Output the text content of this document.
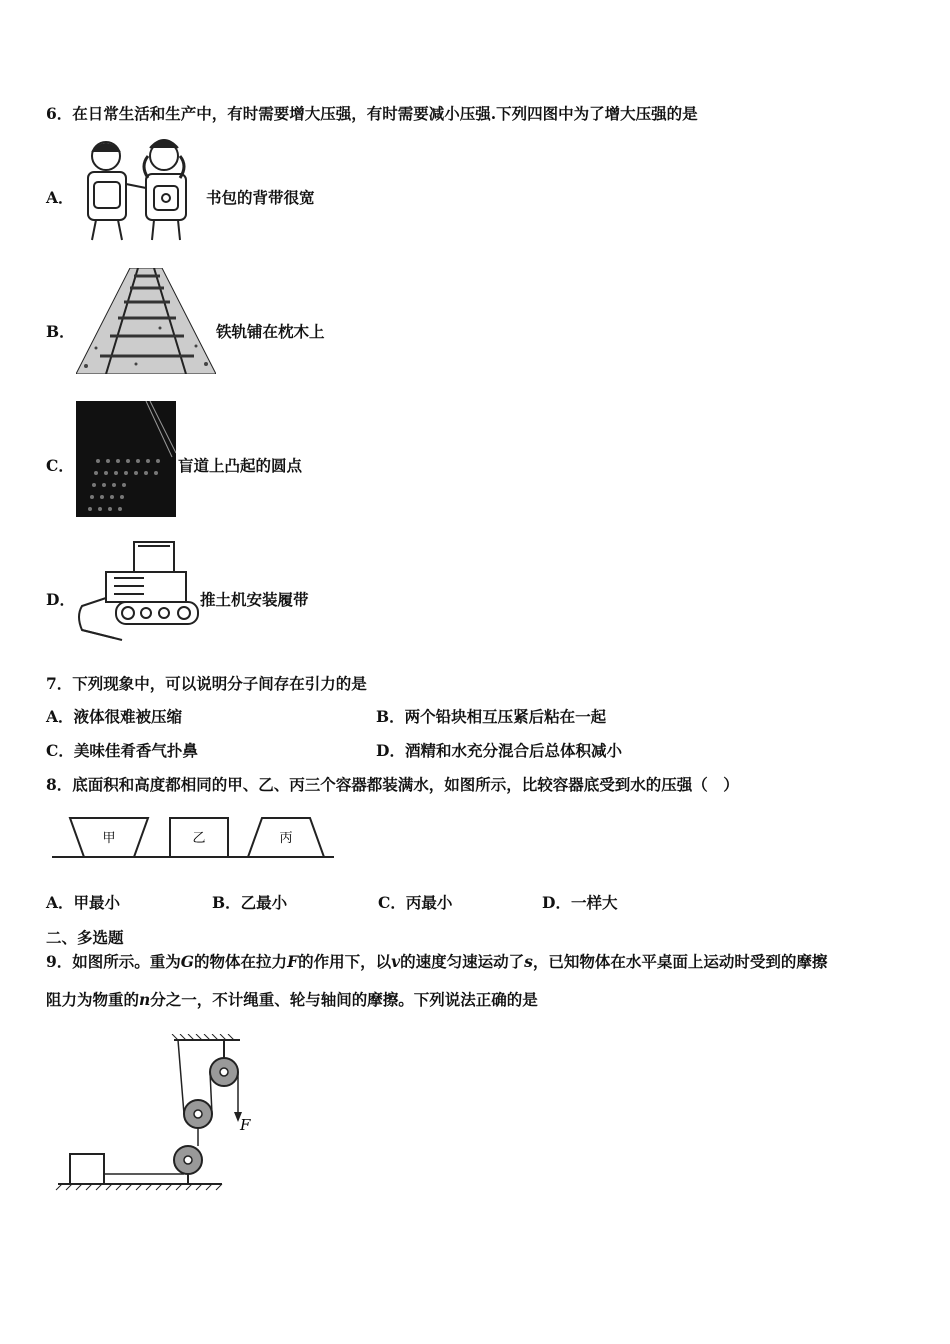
6．在日常生活和生产中，有时需要增大压强，有时需要减小压强.下列四图中为了增大压强的是
A．	书包的背带很宽
B．	铁轨铺在枕木上
C．	盲道上凸起的圆点
D．	推土机安装履带
7．下列现象中，可以说明分子间存在引力的是
A．液体很难被压缩	B．两个铅块相互压紧后粘在一起
C．美味佳肴香气扑鼻	D．酒精和水充分混合后总体积减小
8．底面积和高度都相同的甲、乙、丙三个容器都装满水，如图所示，比较容器底受到水的压强（　）
甲	乙	丙
A．甲最小	B．乙最小	C．丙最小	D．一样大
二、多选题
9．如图所示。重为G的物体在拉力F的作用下，以v的速度匀速运动了s，已知物体在水平桌面上运动时受到的摩擦
阻力为物重的n分之一，不计绳重、轮与轴间的摩擦。下列说法正确的是
F
